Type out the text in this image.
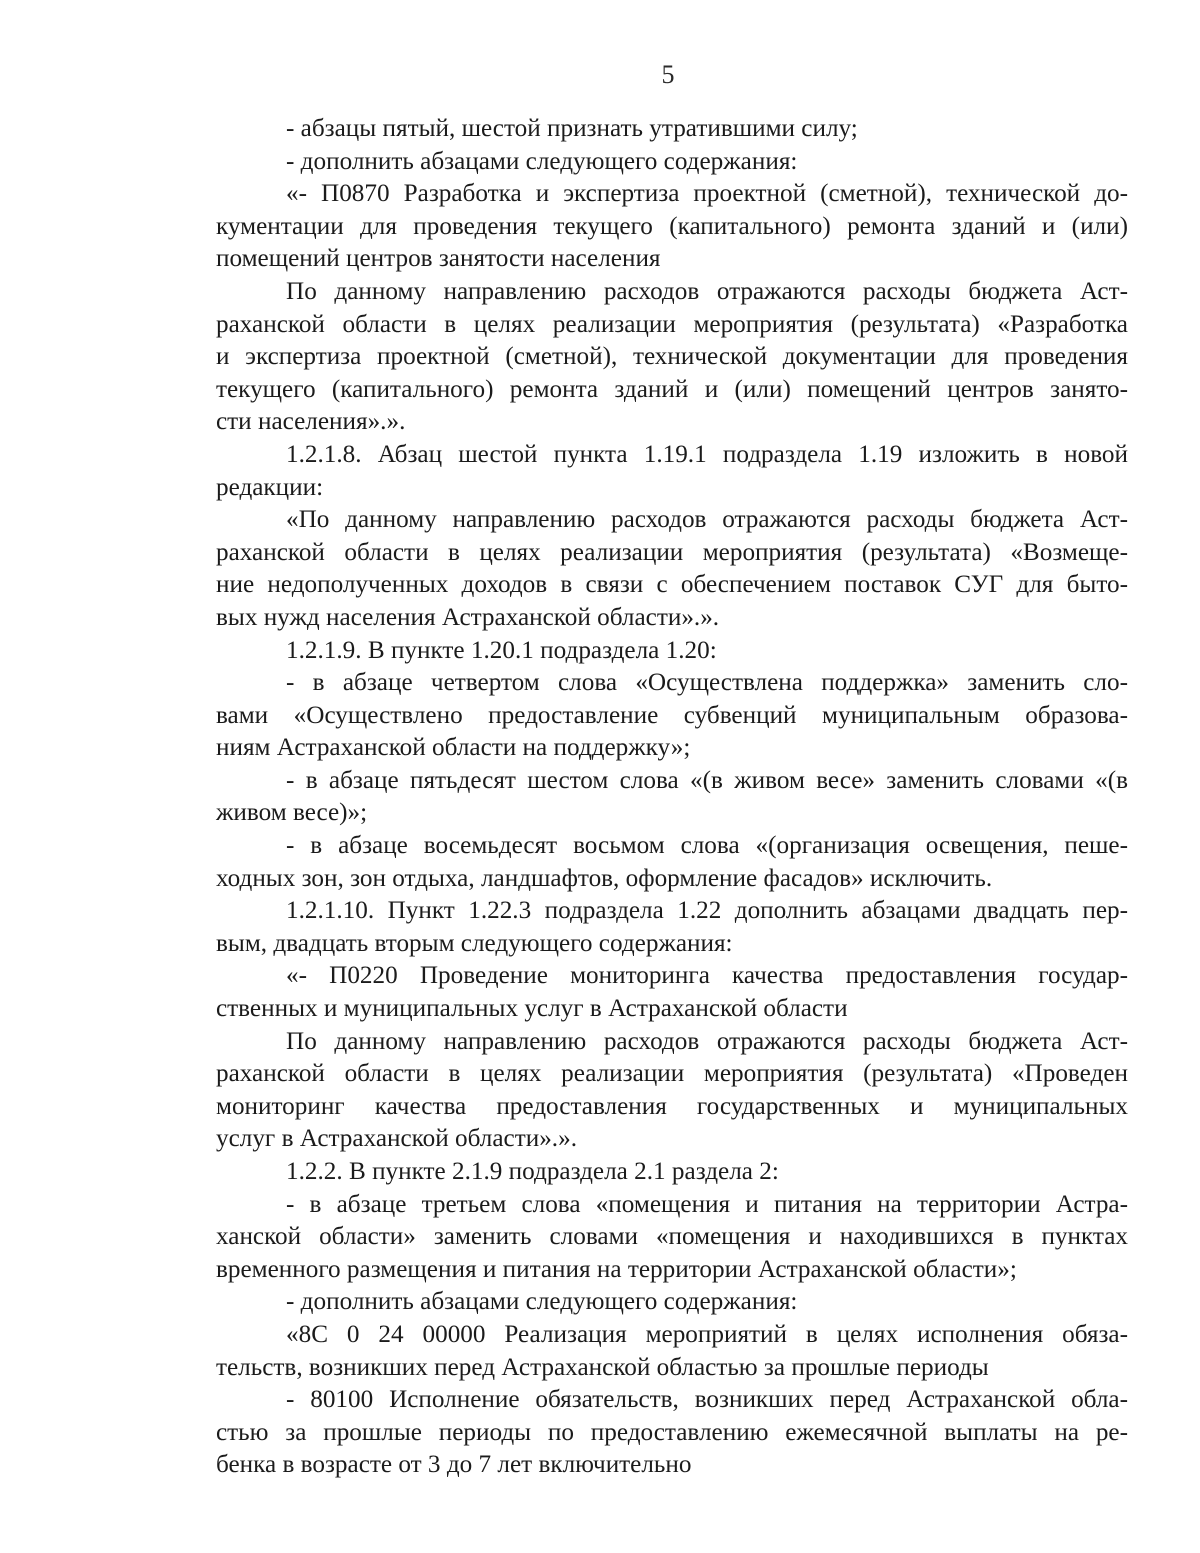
5

- абзацы пятый, шестой признать утратившими силу;

- дополнить абзацами следующего содержания:

«- П0870 Разработка и экспертиза проектной (сметной), технической до-
кументации для проведения текущего (капитального) ремонта зданий и (или)
помещений центров занятости населения

По данному направлению расходов отражаются расходы бюджета Аст-
раханской области в целях реализации мероприятия (результата) «Разработка
и экспертиза проектной (сметной), технической документации для проведения
текущего (капитального) ремонта зданий и (или) помещений центров занято-
сти населения».».

1.2.1.8. Абзац шестой пункта 1.19.1 подраздела 1.19 изложить в новой
редакции:

«По данному направлению расходов отражаются расходы бюджета Аст-
раханской области в целях реализации мероприятия (результата) «Возмеще-
ние недополученных доходов в связи с обеспечением поставок СУГ для быто-
вых нужд населения Астраханской области».».

1.2.1.9. В пункте 1.20.1 подраздела 1.20:

- в абзаце четвертом слова «Осуществлена поддержка» заменить сло-
вами «Осуществлено предоставление субвенций муниципальным образова-
ниям Астраханской области на поддержку»;

- в абзаце пятьдесят шестом слова «(в живом весе» заменить словами «(в
живом весе)»;

- в абзаце восемьдесят восьмом слова «(организация освещения, пеше-
ходных зон, зон отдыха, ландшафтов, оформление фасадов» исключить.

1.2.1.10. Пункт 1.22.3 подраздела 1.22 дополнить абзацами двадцать пер-
вым, двадцать вторым следующего содержания:

«- П0220 Проведение мониторинга качества предоставления государ-
ственных и муниципальных услуг в Астраханской области

По данному направлению расходов отражаются расходы бюджета Аст-
раханской области в целях реализации мероприятия (результата) «Проведен
мониторинг качества предоставления государственных и муниципальных
услуг в Астраханской области».».

1.2.2. В пункте 2.1.9 подраздела 2.1 раздела 2:

- в абзаце третьем слова «помещения и питания на территории Астра-
ханской области» заменить словами «помещения и находившихся в пунктах
временного размещения и питания на территории Астраханской области»;

- дополнить абзацами следующего содержания:

«8С 0 24 00000 Реализация мероприятий в целях исполнения обяза-
тельств, возникших перед Астраханской областью за прошлые периоды

- 80100 Исполнение обязательств, возникших перед Астраханской обла-
стью за прошлые периоды по предоставлению ежемесячной выплаты на ре-
бенка в возрасте от 3 до 7 лет включительно
